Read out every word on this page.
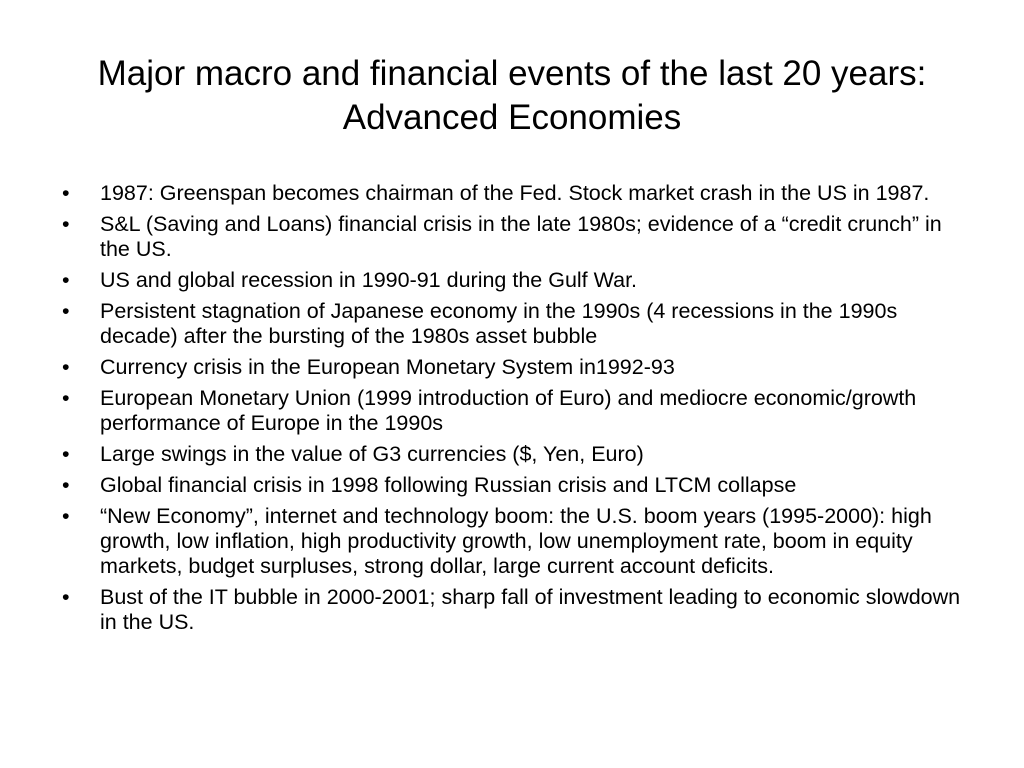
Major macro and financial events of the last 20 years: Advanced Economies
•	1987: Greenspan becomes chairman of the Fed. Stock market crash in the US in 1987.
•	S&L (Saving and Loans) financial crisis in the late 1980s; evidence of a “credit crunch” in the US.
•	US and global recession in 1990-91 during the Gulf War.
•	Persistent stagnation of Japanese economy in the 1990s (4 recessions in the 1990s decade) after the bursting of the 1980s asset bubble
•	Currency crisis in the European Monetary System in1992-93
•	European Monetary Union (1999 introduction of Euro) and mediocre economic/growth performance of Europe in the 1990s
•	Large swings in the value of G3 currencies ($, Yen, Euro)
•	Global financial crisis in 1998 following Russian crisis and LTCM collapse
•	“New Economy”, internet and technology boom: the U.S. boom years (1995-2000): high growth, low inflation, high productivity growth, low unemployment rate, boom in equity markets, budget surpluses, strong dollar, large current account deficits.
•	Bust of the IT bubble in 2000-2001; sharp fall of investment leading to economic slowdown in the US.
